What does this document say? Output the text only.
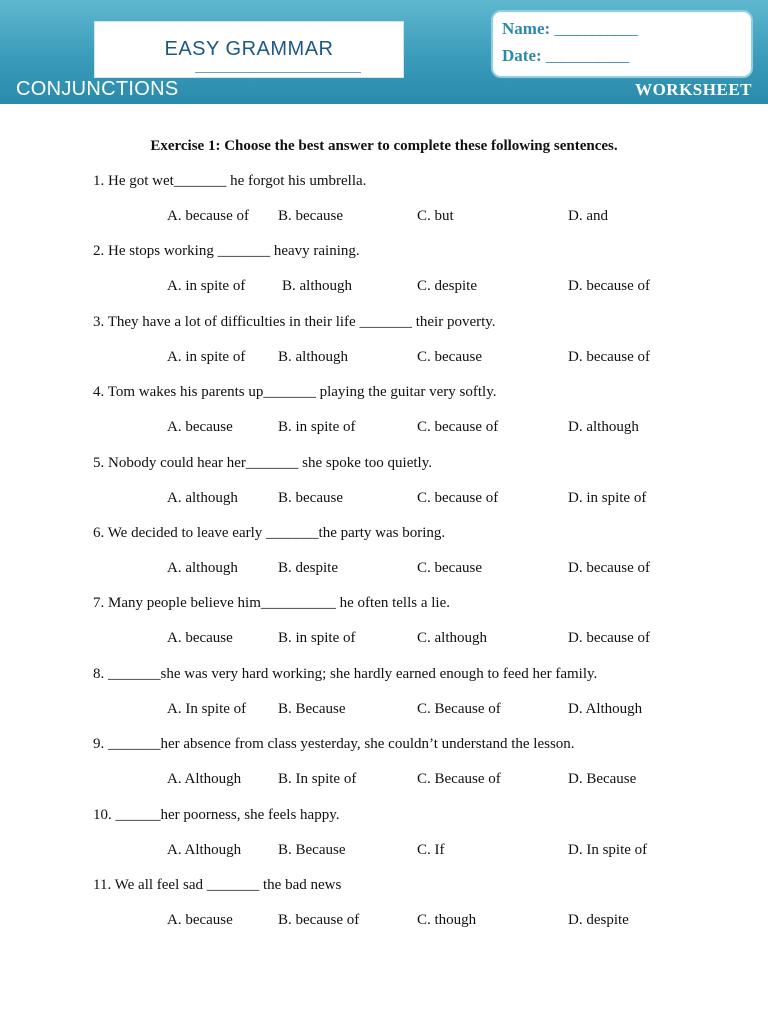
EASY GRAMMAR
Name: ___________
Date: ___________
CONJUNCTIONS	WORKSHEET
Exercise 1: Choose the best answer to complete these following sentences.
1. He got wet_______ he forgot his umbrella.
A. because of B. because	C. but	D. and
2. He stops working _______ heavy raining.
A. in spite of B. although	C. despite	D. because of
3. They have a lot of difficulties in their life _______ their poverty.
A. in spite of B. although	C. because	D. because of
4. Tom wakes his parents up_______ playing the guitar very softly.
A. because	B. in spite of	C. because of	D. although
5. Nobody could hear her_______ she spoke too quietly.
A. although	B. because	C. because of	D. in spite of
6. We decided to leave early _______the party was boring.
A. although	B. despite	C. because	D. because of
7. Many people believe him__________ he often tells a lie.
A. because	B. in spite of	C. although	D. because of
8. _______she was very hard working; she hardly earned enough to feed her family.
A. In spite of B. Because	C. Because of	D. Although
9. _______her absence from class yesterday, she couldn’t understand the lesson.
A. Although B. In spite of	C. Because of	D. Because
10. ______her poorness, she feels happy.
A. Although B. Because	C. If	D. In spite of
11. We all feel sad _______ the bad news
A. because	B. because of	C. though	D. despite
